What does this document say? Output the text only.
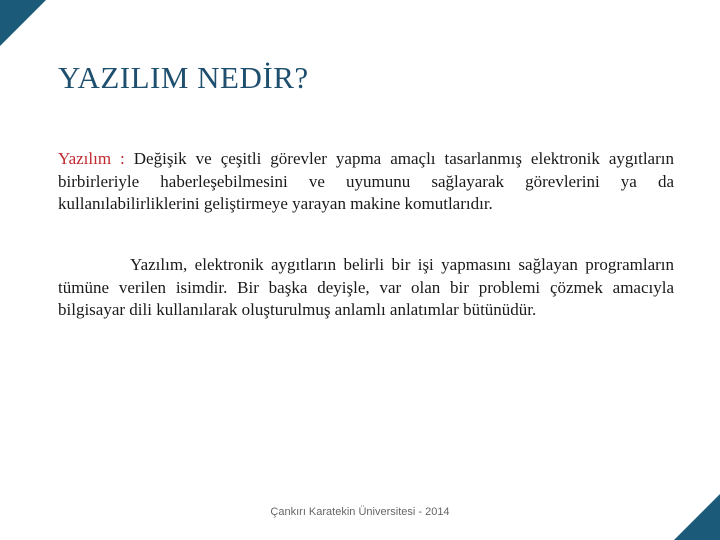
YAZILIM NEDİR?

Yazılım : Değişik ve çeşitli görevler yapma amaçlı tasarlanmış elektronik aygıtların birbirleriyle haberleşebilmesini ve uyumunu sağlayarak görevlerini ya da kullanılabilirliklerini geliştirmeye yarayan makine komutlarıdır.

Yazılım, elektronik aygıtların belirli bir işi yapmasını sağlayan programların tümüne verilen isimdir. Bir başka deyişle, var olan bir problemi çözmek amacıyla bilgisayar dili kullanılarak oluşturulmuş anlamlı anlatımlar bütünüdür.

Çankırı Karatekin Üniversitesi - 2014
